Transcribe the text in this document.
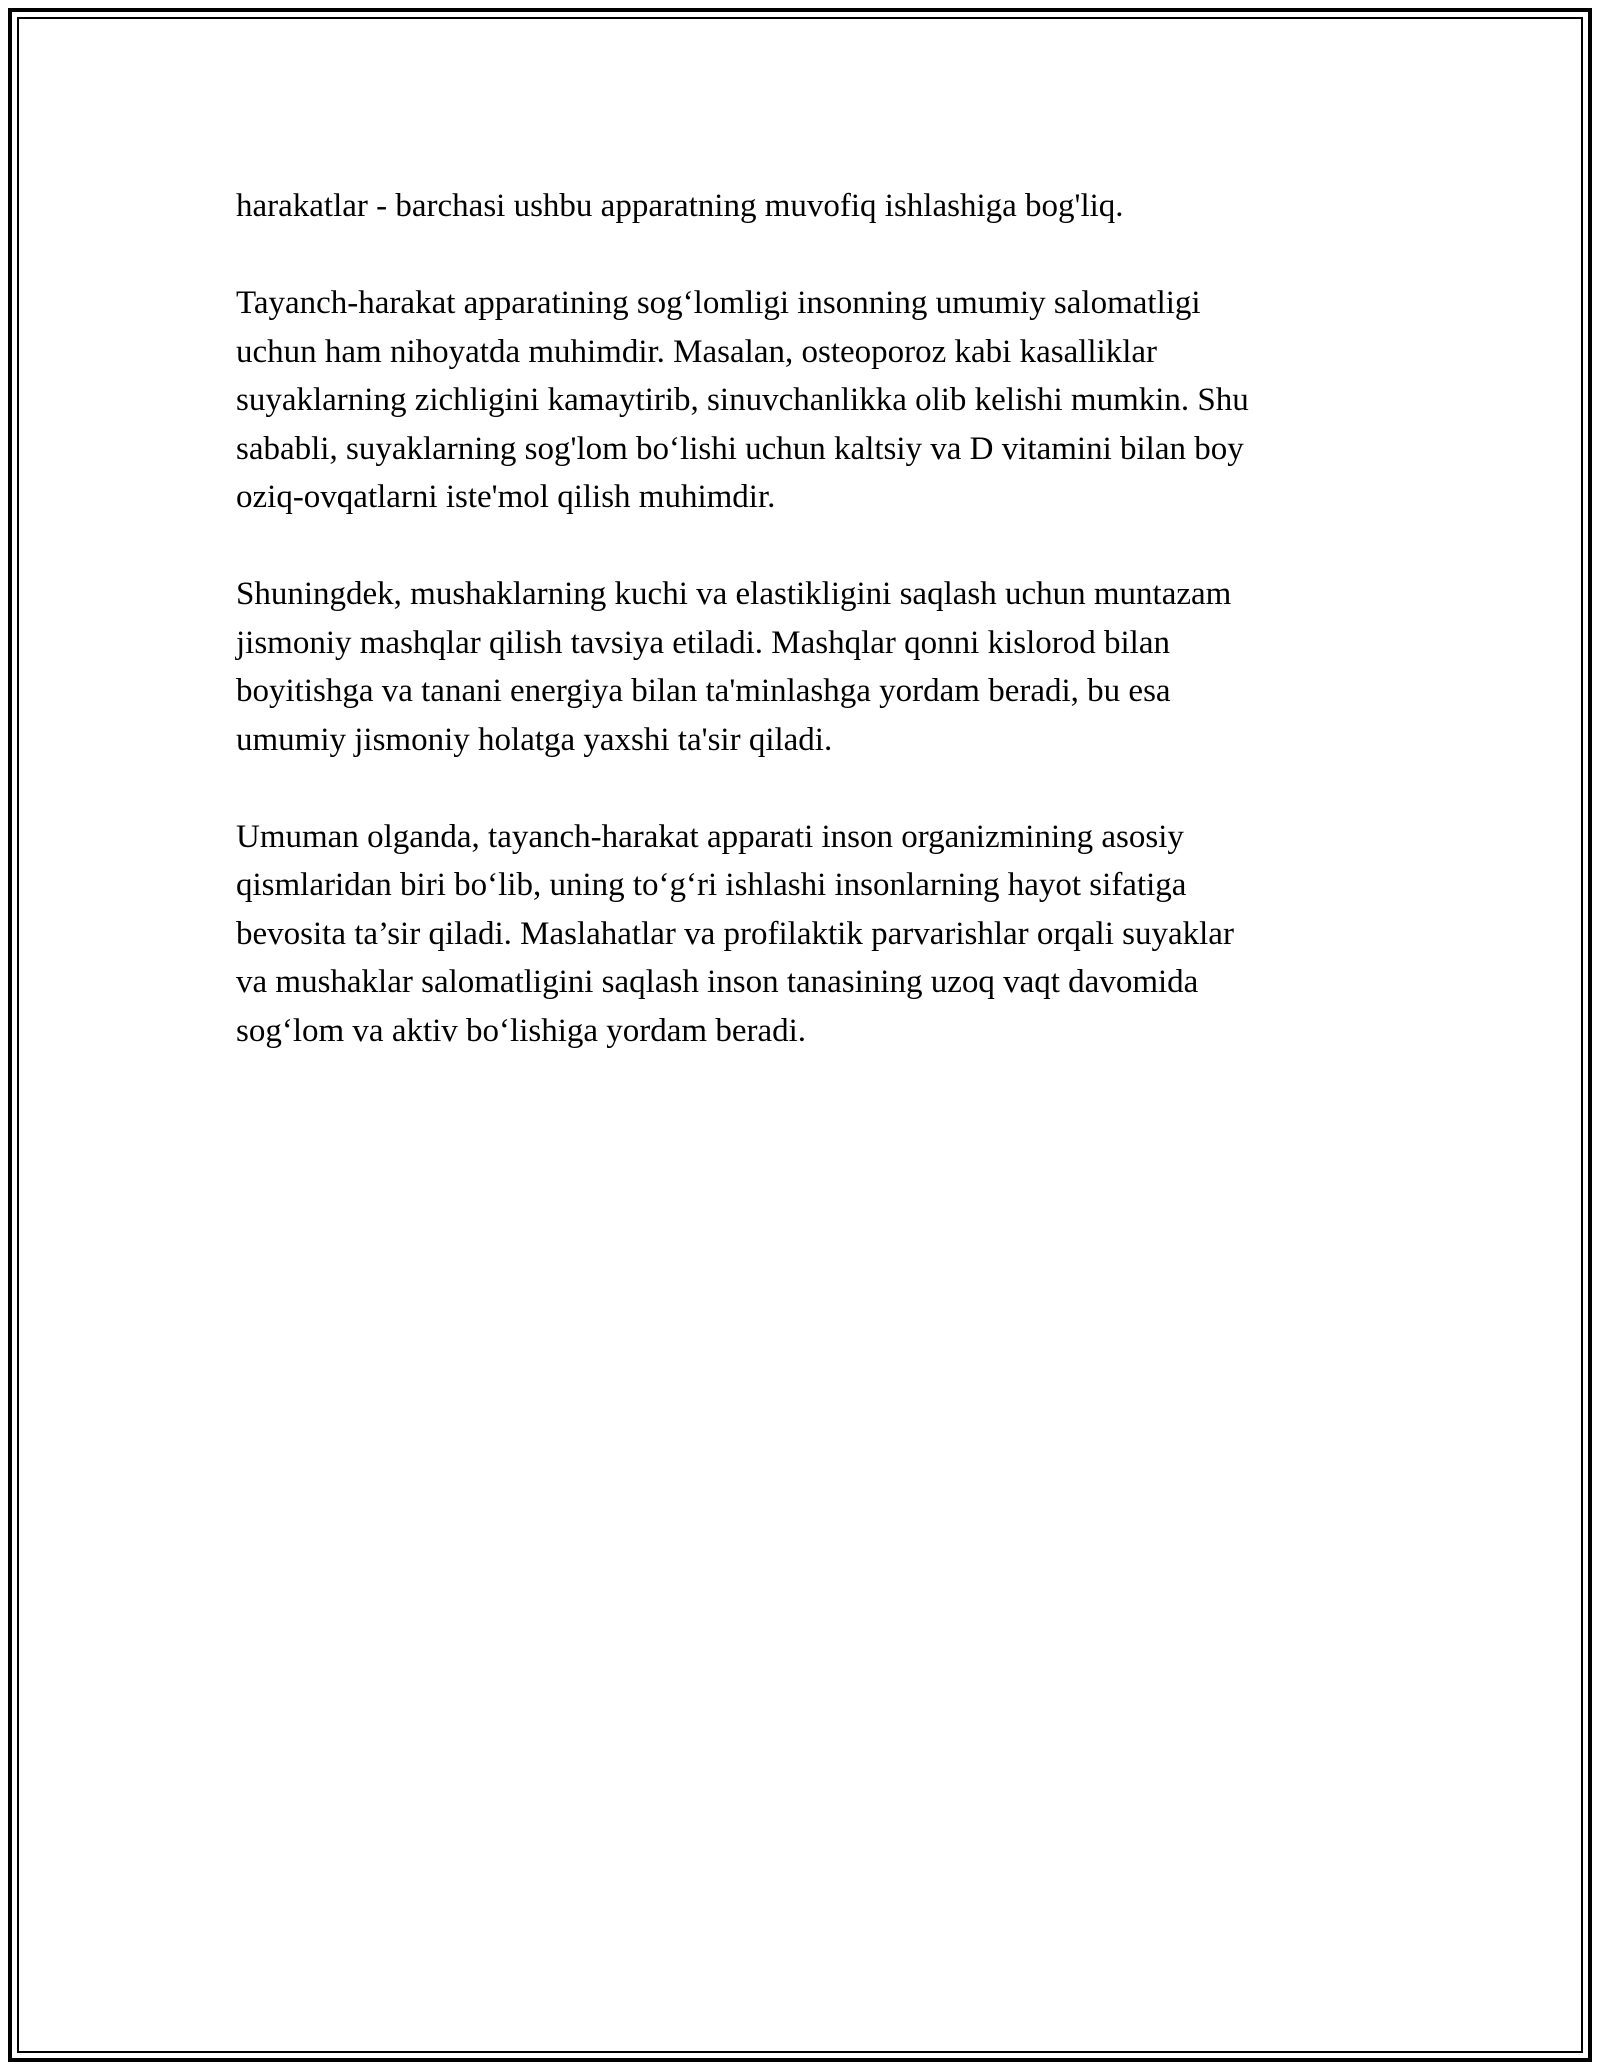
harakatlar - barchasi ushbu apparatning muvofiq ishlashiga bog'liq.

Tayanch-harakat apparatining sog‘lomligi insonning umumiy salomatligi
uchun ham nihoyatda muhimdir. Masalan, osteoporoz kabi kasalliklar
suyaklarning zichligini kamaytirib, sinuvchanlikka olib kelishi mumkin. Shu
sababli, suyaklarning sog'lom bo‘lishi uchun kaltsiy va D vitamini bilan boy
oziq-ovqatlarni iste'mol qilish muhimdir.

Shuningdek, mushaklarning kuchi va elastikligini saqlash uchun muntazam
jismoniy mashqlar qilish tavsiya etiladi. Mashqlar qonni kislorod bilan
boyitishga va tanani energiya bilan ta'minlashga yordam beradi, bu esa
umumiy jismoniy holatga yaxshi ta'sir qiladi.

Umuman olganda, tayanch-harakat apparati inson organizmining asosiy
qismlaridan biri bo‘lib, uning to‘g‘ri ishlashi insonlarning hayot sifatiga
bevosita ta’sir qiladi. Maslahatlar va profilaktik parvarishlar orqali suyaklar
va mushaklar salomatligini saqlash inson tanasining uzoq vaqt davomida
sog‘lom va aktiv bo‘lishiga yordam beradi.
